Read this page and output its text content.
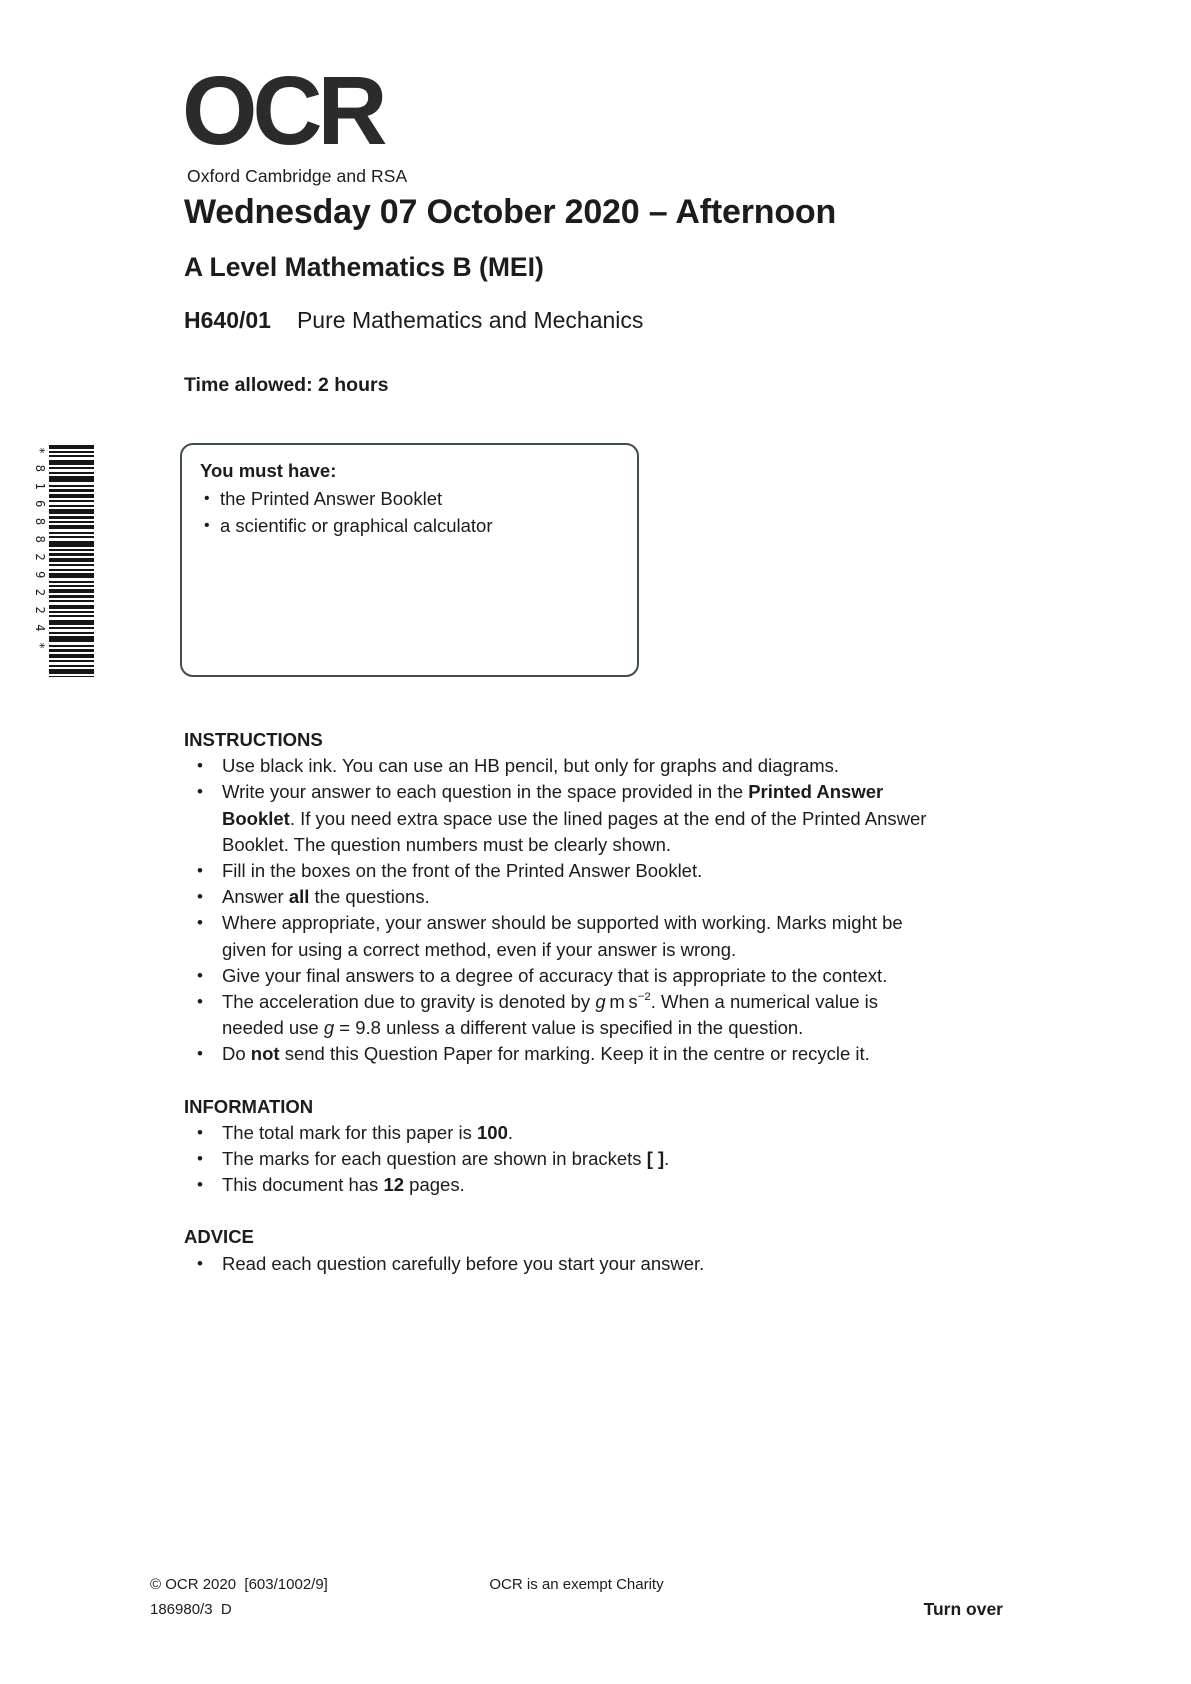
OCR
Oxford Cambridge and RSA
Wednesday 07 October 2020 – Afternoon
A Level Mathematics B (MEI)
H640/01 Pure Mathematics and Mechanics
Time allowed: 2 hours
*8168829224*	You must have:
• the Printed Answer Booklet
• a scientific or graphical calculator
INSTRUCTIONS
• Use black ink. You can use an HB pencil, but only for graphs and diagrams.
• Write your answer to each question in the space provided in the Printed Answer
Booklet. If you need extra space use the lined pages at the end of the Printed Answer
Booklet. The question numbers must be clearly shown.
• Fill in the boxes on the front of the Printed Answer Booklet.
• Answer all the questions.
• Where appropriate, your answer should be supported with working. Marks might be
given for using a correct method, even if your answer is wrong.
• Give your final answers to a degree of accuracy that is appropriate to the context.
• The acceleration due to gravity is denoted by g m $s^{-2}$. When a numerical value is
needed use g = 9.8 unless a different value is specified in the question.
• Do not send this Question Paper for marking. Keep it in the centre or recycle it.
INFORMATION
• The total mark for this paper is 100.
• The marks for each question are shown in brackets [ ].
• This document has 12 pages.
ADVICE
• Read each question carefully before you start your answer.
© OCR 2020  [603/1002/9]	OCR is an exempt Charity
186980/3  D	Turn over
